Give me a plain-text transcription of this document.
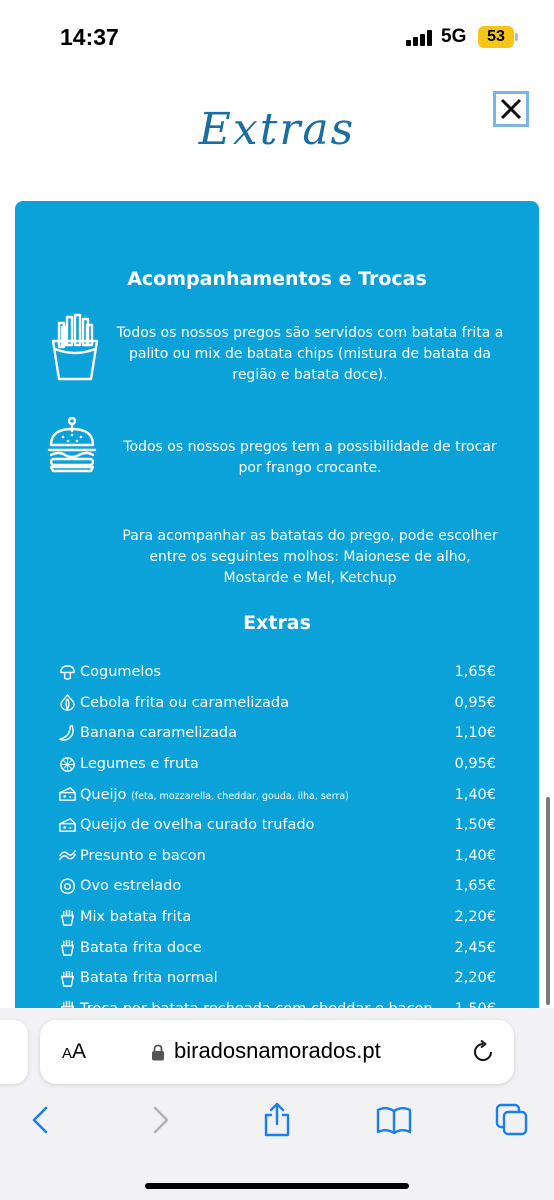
14:37	5G	53
Extras
Acompanhamentos e Trocas
Todos os nossos pregos são servidos com batata frita a palito ou mix de batata chips (mistura de batata da região e batata doce).
Todos os nossos pregos tem a possibilidade de trocar por frango crocante.
Para acompanhar as batatas do prego, pode escolher entre os seguintes molhos: Maionese de alho, Mostarde e Mel, Ketchup
Extras
Cogumelos	1,65€
Cebola frita ou caramelizada	0,95€
Banana caramelizada	1,10€
Legumes e fruta	0,95€
Queijo (feta, mozzarella, cheddar, gouda, ilha, serra)	1,40€
Queijo de ovelha curado trufado	1,50€
Presunto e bacon	1,40€
Ovo estrelado	1,65€
Mix batata frita	2,20€
Batata frita doce	2,45€
Batata frita normal	2,20€
AA	biradosnamorados.pt
